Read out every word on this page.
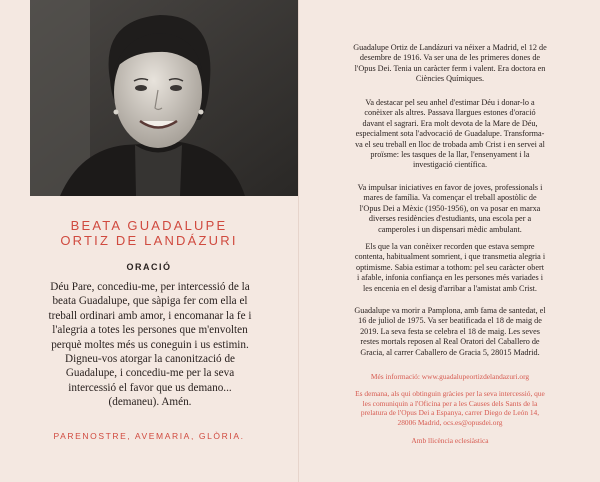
BEATA GUADALUPE
ORTIZ DE LANDÁZURI
ORACIÓ

Déu Pare, concediu-me, per intercessió de la

beata Guadalupe, que sàpiga fer com ella el

treball ordinari amb amor, i encomanar la fe i

l'alegria a totes les persones que m'envolten

perquè moltes més us coneguin i us estimin.

Digneu-vos atorgar la canonització de

Guadalupe, i concediu-me per la seva

intercessió el favor que us demano...

(demaneu). Amén.

PARENOSTRE, AVEMARIA, GLÒRIA.
Guadalupe Ortiz de Landázuri va néixer a Madrid, el 12 de
desembre de 1916. Va ser una de les primeres dones de
l'Opus Dei. Tenia un caràcter ferm i valent. Era doctora en
Ciències Químiques.
Va destacar pel seu anhel d'estimar Déu i donar-lo a
conèixer als altres. Passava llargues estones d'oració
davant el sagrari. Era molt devota de la Mare de Déu,
especialment sota l'advocació de Guadalupe. Transforma-
va el seu treball en lloc de trobada amb Crist i en servei al
proïsme: les tasques de la llar, l'ensenyament i la
investigació científica.
Va impulsar iniciatives en favor de joves, professionals i
mares de família. Va començar el treball apostòlic de
l'Opus Dei a Mèxic (1950-1956), on va posar en marxa
diverses residències d'estudiants, una escola per a
camperoles i un dispensari mèdic ambulant.
Els que la van conèixer recorden que estava sempre
contenta, habitualment somrient, i que transmetia alegria i
optimisme. Sabia estimar a tothom: pel seu caràcter obert
i afable, infonia confiança en les persones més variades i
les encenia en el desig d'arribar a l'amistat amb Crist.
Guadalupe va morir a Pamplona, amb fama de santedat, el
16 de juliol de 1975. Va ser beatificada el 18 de maig de
2019. La seva festa se celebra el 18 de maig. Les seves
restes mortals reposen al Real Oratori del Caballero de
Gracia, al carrer Caballero de Gracia 5, 28015 Madrid.
Més informació: www.guadalupeortizdelandazuri.org
Es demana, als qui obtinguin gràcies per la seva intercessió, que
les comuniquin a l'Oficina per a les Causes dels Sants de la
prelatura de l'Opus Dei a Espanya, carrer Diego de León 14,
28006 Madrid, ocs.es@opusdei.org
Amb llicència eclesiàstica
